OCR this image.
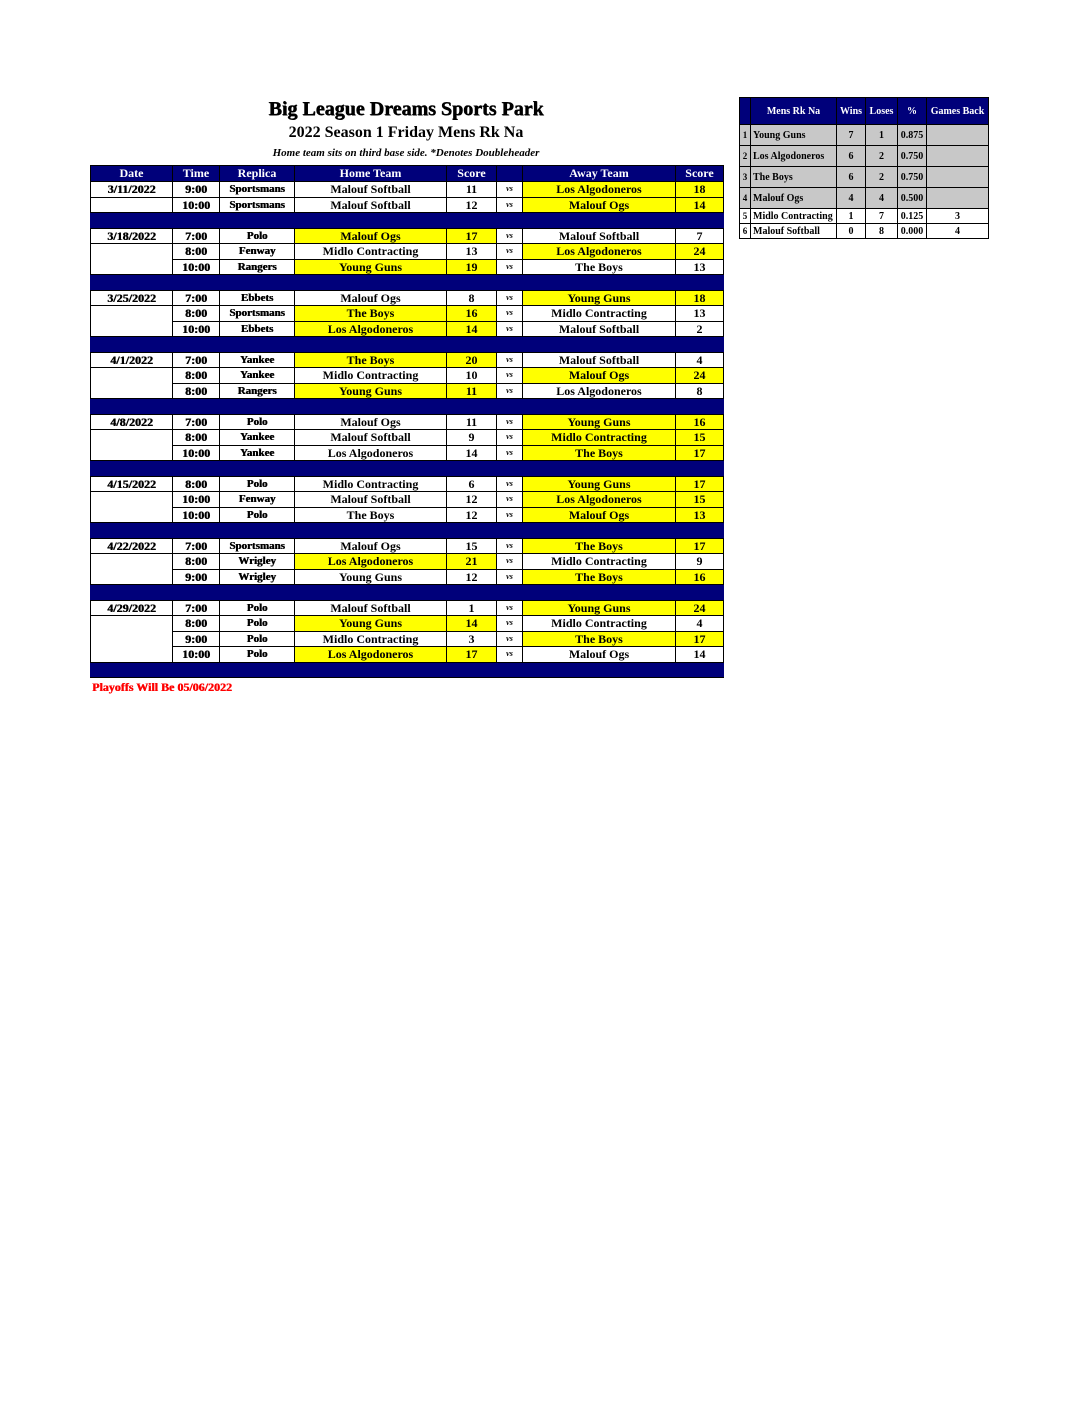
Big League Dreams Sports Park
2022 Season 1 Friday Mens Rk Na
Home team sits on third base side. *Denotes Doubleheader
Date	Time	Replica	Home Team	Score		Away Team	Score
3/11/2022	9:00	Sportsmans	Malouf Softball	11	vs	Los Algodoneros	18
	10:00	Sportsmans	Malouf Softball	12	vs	Malouf Ogs	14

3/18/2022	7:00	Polo	Malouf Ogs	17	vs	Malouf Softball	7
	8:00	Fenway	Midlo Contracting	13	vs	Los Algodoneros	24
	10:00	Rangers	Young Guns	19	vs	The Boys	13

3/25/2022	7:00	Ebbets	Malouf Ogs	8	vs	Young Guns	18
	8:00	Sportsmans	The Boys	16	vs	Midlo Contracting	13
	10:00	Ebbets	Los Algodoneros	14	vs	Malouf Softball	2

4/1/2022	7:00	Yankee	The Boys	20	vs	Malouf Softball	4
	8:00	Yankee	Midlo Contracting	10	vs	Malouf Ogs	24
	8:00	Rangers	Young Guns	11	vs	Los Algodoneros	8

4/8/2022	7:00	Polo	Malouf Ogs	11	vs	Young Guns	16
	8:00	Yankee	Malouf Softball	9	vs	Midlo Contracting	15
	10:00	Yankee	Los Algodoneros	14	vs	The Boys	17

4/15/2022	8:00	Polo	Midlo Contracting	6	vs	Young Guns	17
	10:00	Fenway	Malouf Softball	12	vs	Los Algodoneros	15
	10:00	Polo	The Boys	12	vs	Malouf Ogs	13

4/22/2022	7:00	Sportsmans	Malouf Ogs	15	vs	The Boys	17
	8:00	Wrigley	Los Algodoneros	21	vs	Midlo Contracting	9
	9:00	Wrigley	Young Guns	12	vs	The Boys	16

4/29/2022	7:00	Polo	Malouf Softball	1	vs	Young Guns	24
	8:00	Polo	Young Guns	14	vs	Midlo Contracting	4
	9:00	Polo	Midlo Contracting	3	vs	The Boys	17
	10:00	Polo	Los Algodoneros	17	vs	Malouf Ogs	14

Playoffs Will Be 05/06/2022
	Mens Rk Na	Wins	Loses	%	Games Back
1	Young Guns	7	1	0.875	
2	Los Algodoneros	6	2	0.750	
3	The Boys	6	2	0.750	
4	Malouf Ogs	4	4	0.500	
5	Midlo Contracting	1	7	0.125	3
6	Malouf Softball	0	8	0.000	4
